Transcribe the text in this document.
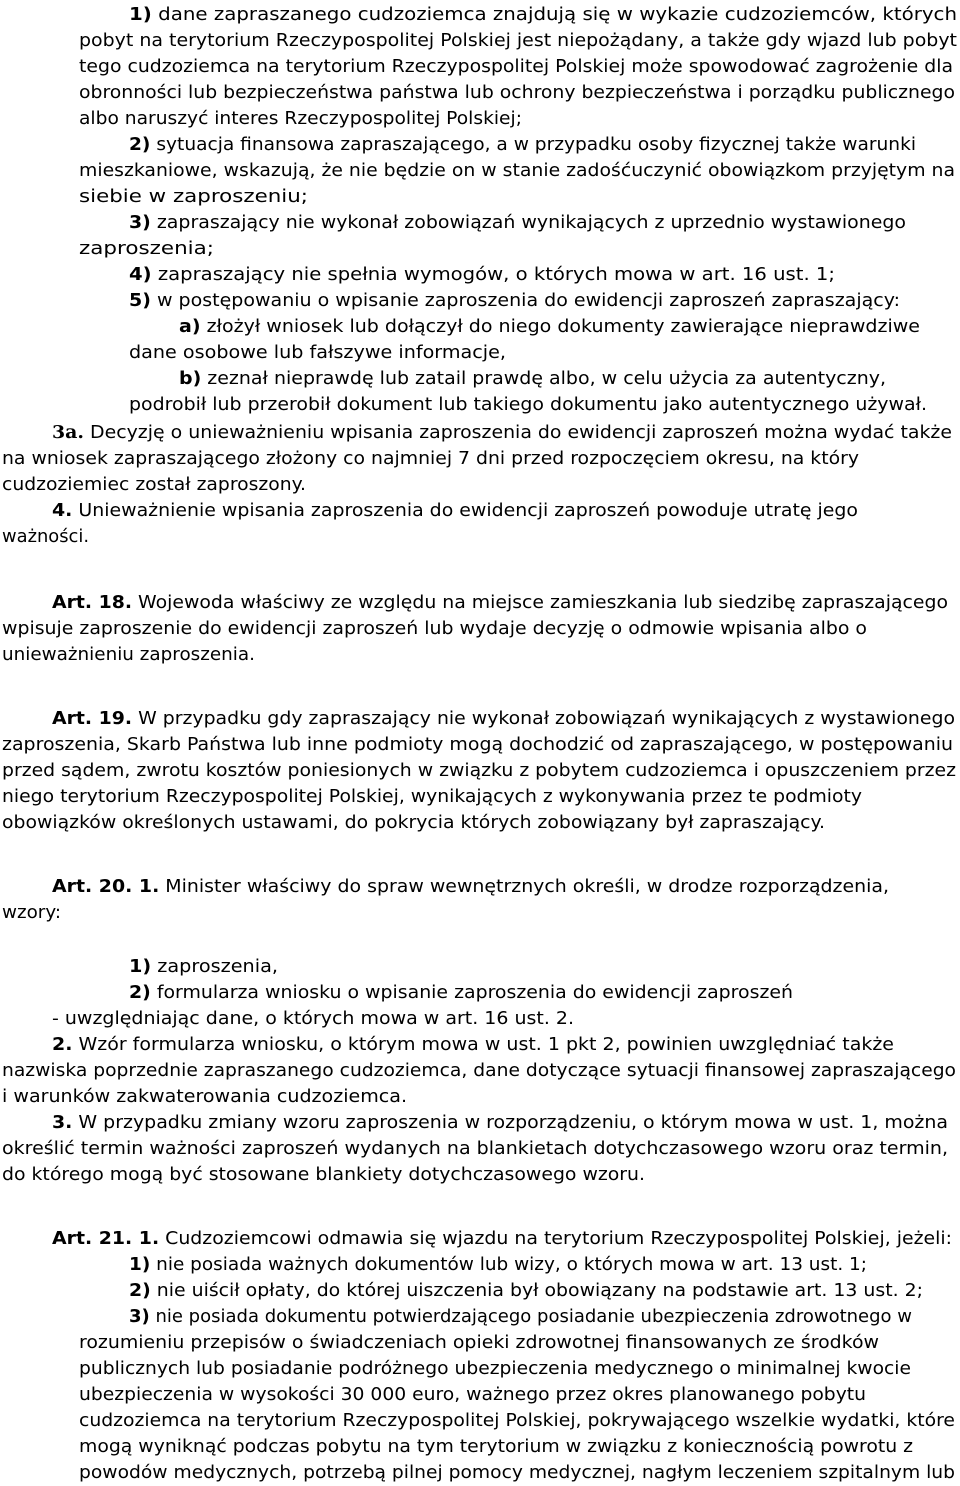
1) dane zapraszanego cudzoziemca znajdują się w wykazie cudzoziemców, których
pobyt na terytorium Rzeczypospolitej Polskiej jest niepożądany, a także gdy wjazd lub pobyt
tego cudzoziemca na terytorium Rzeczypospolitej Polskiej może spowodować zagrożenie dla
obronności lub bezpieczeństwa państwa lub ochrony bezpieczeństwa i porządku publicznego
albo naruszyć interes Rzeczypospolitej Polskiej;
2) sytuacja finansowa zapraszającego, a w przypadku osoby fizycznej także warunki
mieszkaniowe, wskazują, że nie będzie on w stanie zadośćuczynić obowiązkom przyjętym na
siebie w zaproszeniu;
3) zapraszający nie wykonał zobowiązań wynikających z uprzednio wystawionego
zaproszenia;
4) zapraszający nie spełnia wymogów, o których mowa w art. 16 ust. 1;
5) w postępowaniu o wpisanie zaproszenia do ewidencji zaproszeń zapraszający:
a) złożył wniosek lub dołączył do niego dokumenty zawierające nieprawdziwe
dane osobowe lub fałszywe informacje,
b) zeznał nieprawdę lub zatail prawdę albo, w celu użycia za autentyczny,
podrobił lub przerobił dokument lub takiego dokumentu jako autentycznego używał.
3a. Decyzję o unieważnieniu wpisania zaproszenia do ewidencji zaproszeń można wydać także
na wniosek zapraszającego złożony co najmniej 7 dni przed rozpoczęciem okresu, na który
cudzoziemiec został zaproszony.
4. Unieważnienie wpisania zaproszenia do ewidencji zaproszeń powoduje utratę jego
ważności.
Art. 18. Wojewoda właściwy ze względu na miejsce zamieszkania lub siedzibę zapraszającego
wpisuje zaproszenie do ewidencji zaproszeń lub wydaje decyzję o odmowie wpisania albo o
unieważnieniu zaproszenia.
Art. 19. W przypadku gdy zapraszający nie wykonał zobowiązań wynikających z wystawionego
zaproszenia, Skarb Państwa lub inne podmioty mogą dochodzić od zapraszającego, w postępowaniu
przed sądem, zwrotu kosztów poniesionych w związku z pobytem cudzoziemca i opuszczeniem przez
niego terytorium Rzeczypospolitej Polskiej, wynikających z wykonywania przez te podmioty
obowiązków określonych ustawami, do pokrycia których zobowiązany był zapraszający.
Art. 20. 1. Minister właściwy do spraw wewnętrznych określi, w drodze rozporządzenia,
wzory:
1) zaproszenia,
2) formularza wniosku o wpisanie zaproszenia do ewidencji zaproszeń
- uwzględniając dane, o których mowa w art. 16 ust. 2.
2. Wzór formularza wniosku, o którym mowa w ust. 1 pkt 2, powinien uwzględniać także
nazwiska poprzednie zapraszanego cudzoziemca, dane dotyczące sytuacji finansowej zapraszającego
i warunków zakwaterowania cudzoziemca.
3. W przypadku zmiany wzoru zaproszenia w rozporządzeniu, o którym mowa w ust. 1, można
określić termin ważności zaproszeń wydanych na blankietach dotychczasowego wzoru oraz termin,
do którego mogą być stosowane blankiety dotychczasowego wzoru.
Art. 21. 1. Cudzoziemcowi odmawia się wjazdu na terytorium Rzeczypospolitej Polskiej, jeżeli:
1) nie posiada ważnych dokumentów lub wizy, o których mowa w art. 13 ust. 1;
2) nie uiścił opłaty, do której uiszczenia był obowiązany na podstawie art. 13 ust. 2;
3) nie posiada dokumentu potwierdzającego posiadanie ubezpieczenia zdrowotnego w
rozumieniu przepisów o świadczeniach opieki zdrowotnej finansowanych ze środków
publicznych lub posiadanie podróżnego ubezpieczenia medycznego o minimalnej kwocie
ubezpieczenia w wysokości 30 000 euro, ważnego przez okres planowanego pobytu
cudzoziemca na terytorium Rzeczypospolitej Polskiej, pokrywającego wszelkie wydatki, które
mogą wyniknąć podczas pobytu na tym terytorium w związku z koniecznością powrotu z
powodów medycznych, potrzebą pilnej pomocy medycznej, nagłym leczeniem szpitalnym lub
